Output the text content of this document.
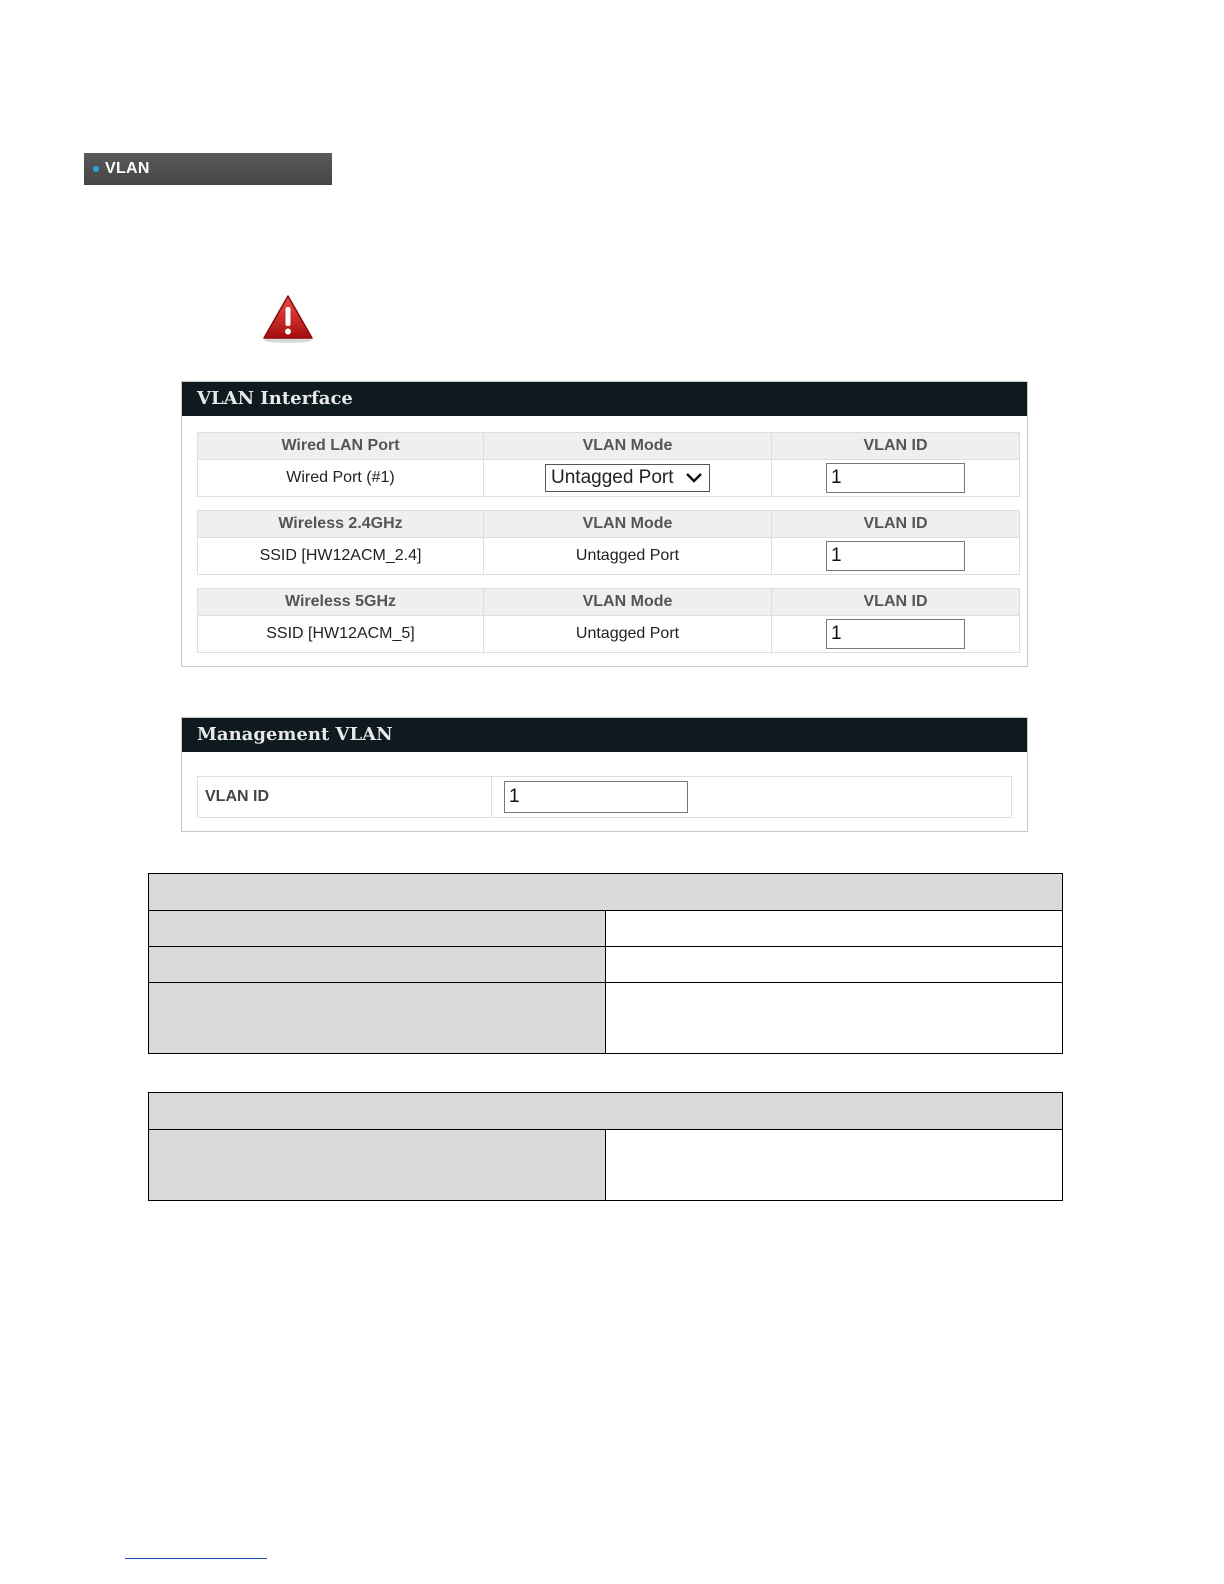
VLAN
VLAN Interface
Wired LAN Port	VLAN Mode	VLAN ID
Wired Port (#1)	Untagged Port	1
Wireless 2.4GHz	VLAN Mode	VLAN ID
SSID [HW12ACM_2.4]	Untagged Port	1
Wireless 5GHz	VLAN Mode	VLAN ID
SSID [HW12ACM_5]	Untagged Port	1
Management VLAN
VLAN ID	1
